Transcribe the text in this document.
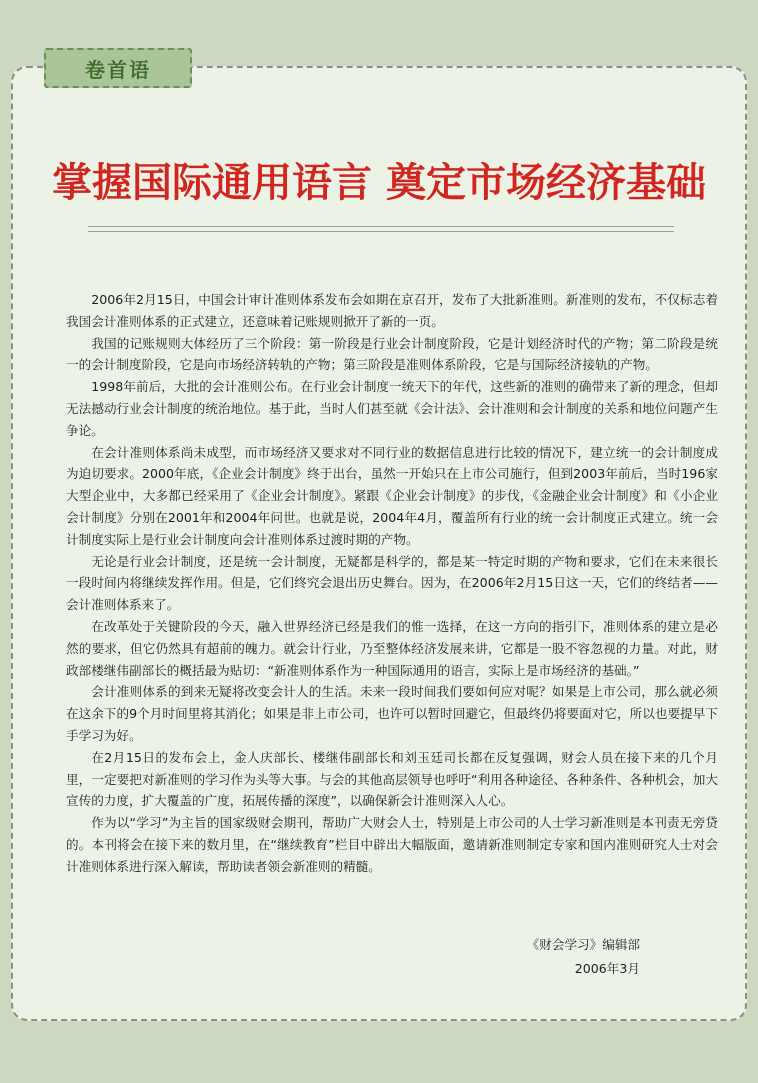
卷首语
掌握国际通用语言 奠定市场经济基础

2006年2月15日，中国会计审计准则体系发布会如期在京召开，发布了大批新准则。新准则的发布，不仅标志着我国会计准则体系的正式建立，还意味着记账规则掀开了新的一页。

我国的记账规则大体经历了三个阶段：第一阶段是行业会计制度阶段，它是计划经济时代的产物；第二阶段是统一的会计制度阶段，它是向市场经济转轨的产物；第三阶段是准则体系阶段，它是与国际经济接轨的产物。

1998年前后，大批的会计准则公布。在行业会计制度一统天下的年代，这些新的准则的确带来了新的理念，但却无法撼动行业会计制度的统治地位。基于此，当时人们甚至就《会计法》、会计准则和会计制度的关系和地位问题产生争论。

在会计准则体系尚未成型，而市场经济又要求对不同行业的数据信息进行比较的情况下，建立统一的会计制度成为迫切要求。2000年底，《企业会计制度》终于出台，虽然一开始只在上市公司施行，但到2003年前后，当时196家大型企业中，大多都已经采用了《企业会计制度》。紧跟《企业会计制度》的步伐，《金融企业会计制度》和《小企业会计制度》分别在2001年和2004年问世。也就是说，2004年4月，覆盖所有行业的统一会计制度正式建立。统一会计制度实际上是行业会计制度向会计准则体系过渡时期的产物。

无论是行业会计制度，还是统一会计制度，无疑都是科学的，都是某一特定时期的产物和要求，它们在未来很长一段时间内将继续发挥作用。但是，它们终究会退出历史舞台。因为，在2006年2月15日这一天，它们的终结者——会计准则体系来了。

在改革处于关键阶段的今天，融入世界经济已经是我们的惟一选择，在这一方向的指引下，准则体系的建立是必然的要求，但它仍然具有超前的魄力。就会计行业，乃至整体经济发展来讲，它都是一股不容忽视的力量。对此，财政部楼继伟副部长的概括最为贴切：“新准则体系作为一种国际通用的语言，实际上是市场经济的基础。”

会计准则体系的到来无疑将改变会计人的生活。未来一段时间我们要如何应对呢？如果是上市公司，那么就必须在这余下的9个月时间里将其消化；如果是非上市公司，也许可以暂时回避它，但最终仍将要面对它，所以也要提早下手学习为好。

在2月15日的发布会上，金人庆部长、楼继伟副部长和刘玉廷司长都在反复强调，财会人员在接下来的几个月里，一定要把对新准则的学习作为头等大事。与会的其他高层领导也呼吁“利用各种途径、各种条件、各种机会，加大宣传的力度，扩大覆盖的广度，拓展传播的深度”，以确保新会计准则深入人心。

作为以“学习”为主旨的国家级财会期刊，帮助广大财会人士，特别是上市公司的人士学习新准则是本刊责无旁贷的。本刊将会在接下来的数月里，在“继续教育”栏目中辟出大幅版面，邀请新准则制定专家和国内准则研究人士对会计准则体系进行深入解读，帮助读者领会新准则的精髓。

《财会学习》编辑部
2006年3月
